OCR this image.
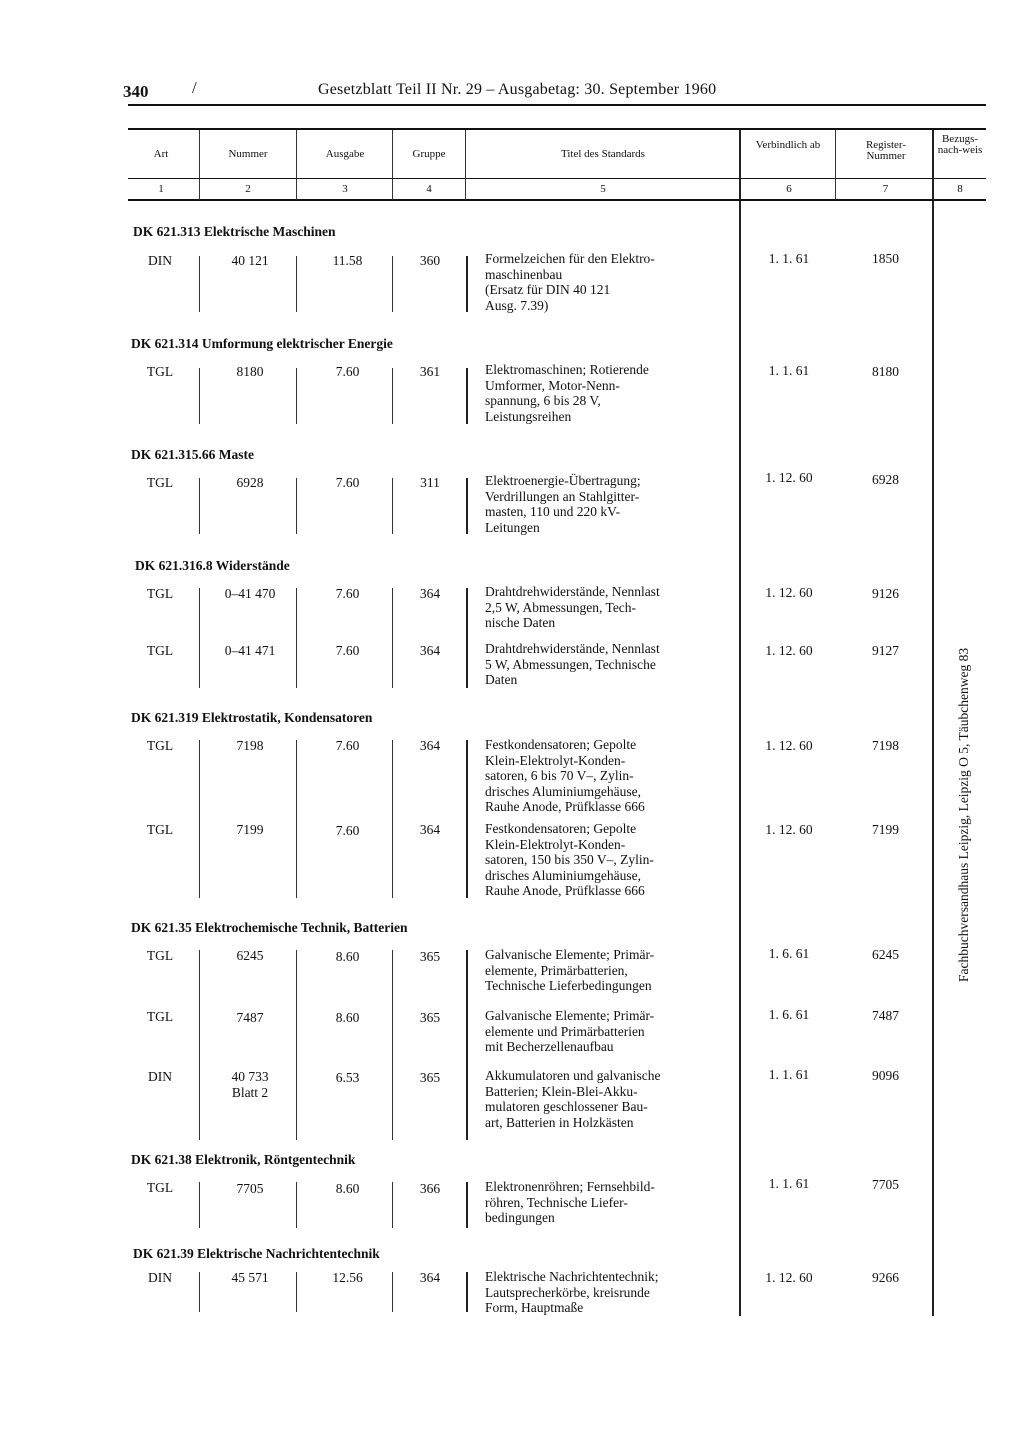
340	/	Gesetzblatt Teil II Nr. 29 – Ausgabetag: 30. September 1960
Art	Nummer	Ausgabe	Gruppe	Titel des Standards
Verbindlich ab	Register-Nummer
Bezugs-nach-weis
1	2	3	4	5	6	7	8
DK 621.313 Elektrische Maschinen
DK 621.314 Umformung elektrischer Energie
DK 621.315.66 Maste
DK 621.316.8 Widerstände
DK 621.319 Elektrostatik, Kondensatoren
DK 621.35 Elektrochemische Technik, Batterien
DK 621.38 Elektronik, Röntgentechnik
DK 621.39 Elektrische Nachrichtentechnik
DIN	40 121	11.58	360	Formelzeichen für den Elektro-
maschinenbau
(Ersatz für DIN 40 121
Ausg. 7.39)
1. 1. 61	1850
TGL	8180	7.60	361	Elektromaschinen; Rotierende
Umformer, Motor-Nenn-
spannung, 6 bis 28 V,
Leistungsreihen
1. 1. 61	8180
TGL	6928	7.60	311	Elektroenergie-Übertragung;
Verdrillungen an Stahlgitter-
masten, 110 und 220 kV-
Leitungen
1. 12. 60	6928
TGL	0–41 470	7.60	364	Drahtdrehwiderstände, Nennlast
2,5 W, Abmessungen, Tech-
nische Daten
1. 12. 60	9126
TGL	0–41 471	7.60	364	Drahtdrehwiderstände, Nennlast
5 W, Abmessungen, Technische
Daten
1. 12. 60	9127
TGL	7198	7.60	364	Festkondensatoren; Gepolte
Klein-Elektrolyt-Konden-
satoren, 6 bis 70 V–, Zylin-
drisches Aluminiumgehäuse,
Rauhe Anode, Prüfklasse 666
1. 12. 60	7198
TGL	7199	7.60	364	Festkondensatoren; Gepolte
Klein-Elektrolyt-Konden-
satoren, 150 bis 350 V–, Zylin-
drisches Aluminiumgehäuse,
Rauhe Anode, Prüfklasse 666
1. 12. 60	7199
TGL	6245	8.60	365	Galvanische Elemente; Primär-
elemente, Primärbatterien,
Technische Lieferbedingungen
1. 6. 61	6245
TGL	7487	8.60	365	Galvanische Elemente; Primär-
elemente und Primärbatterien
mit Becherzellenaufbau
1. 6. 61	7487
DIN	40 733
Blatt 2
6.53	365	Akkumulatoren und galvanische
Batterien; Klein-Blei-Akku-
mulatoren geschlossener Bau-
art, Batterien in Holzkästen
1. 1. 61	9096
TGL	7705	8.60	366	Elektronenröhren; Fernsehbild-
röhren, Technische Liefer-
bedingungen
1. 1. 61	7705
DIN	45 571	12.56	364	Elektrische Nachrichtentechnik;
Lautsprecherkörbe, kreisrunde
Form, Hauptmaße
1. 12. 60	9266
Fachbuchversandhaus Leipzig, Leipzig O 5, Täubchenweg 83
